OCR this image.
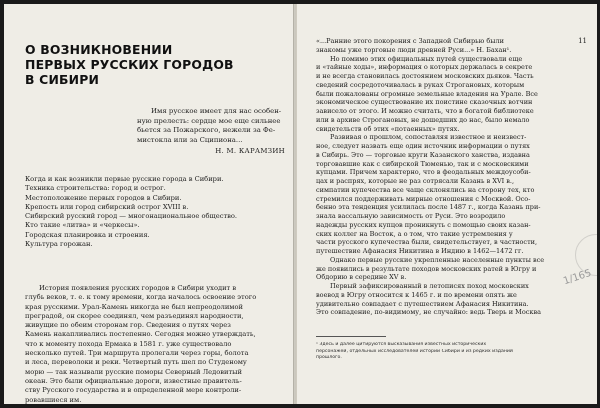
О ВОЗНИКНОВЕНИИ
ПЕРВЫХ РУССКИХ ГОРОДОВ
В СИБИРИ
Имя русское имеет для нас особен-
ную прелесть: сердце мое еще сильнее
бьется за Пожарского, нежели за Фе-
мистокла или за Сципиона...
Н. М. КАРАМЗИН
Когда и как возникли первые русские города в Сибири.
Техника строительства: город и острог.
Местоположение первых городов в Сибири.
Крепость или город сибирский острог XVIII в.
Сибирский русский город — многонациональное общество.
Кто такие «литва» и «черкесы».
Городская планировка и строения.
Культура горожан.
История появления русских городов в Сибири уходит в
глубь веков, т. е. к тому времени, когда началось освоение этого
края русскими. Урал-Камень никогда не был непреодолимой
преградой, он скорее соединял, чем разъединял народности,
живущие по обеим сторонам гор. Сведения о путях через
Камень накапливались постепенно. Сегодня можно утверждать,
что к моменту похода Ермака в 1581 г. уже существовало
несколько путей. Три маршрута пролегали через горы, болота
и леса, переволоки и реки. Четвертый путь шел по Студеному
морю — так называли русские поморы Северный Ледовитый
океан. Это были официальные дороги, известные правитель-
ству Русского государства и в определенной мере контроли-
ровавшиеся им.
11
«...Ранние этого покорения с Западной Сибирью были
знакомы уже торговые люди древней Руси...» Н. Бахан¹.
Но помимо этих официальных путей существовали еще
и «тайные ходы», информация о которых держалась в секрете
и не всегда становилась достоянием московских дьяков. Часть
сведений сосредоточивалась в руках Строгановых, которым
были пожалованы огромные земельные владения на Урале. Все
экономическое существование их поистине сказочных вотчин
зависело от этого. И можно считать, что в богатой библиотеке
или в архиве Строгановых, не дошедших до нас, было немало
свидетельств об этих «потаенных» путях.
Развивая о прошлом, сопоставляя известное и неизвест-
ное, следует назвать еще один источник информации о путях
в Сибирь. Это — торговые круги Казанского ханства, издавна
торговавшие как с сибирской Тюменью, так и с московскими
купцами. Причем характерно, что в феодальных междоусоби-
цах и распрях, которые не раз сотрясали Казань в XVI в.,
симпатии купечества все чаще склонялись на сторону тех, кто
стремился поддерживать мирные отношения с Москвой. Осо-
бенно эта тенденция усилилась после 1487 г., когда Казань при-
знала вассальную зависимость от Руси. Это возродило
надежды русских купцов проникнуть с помощью своих казан-
ских коллег на Восток, а о том, что такие устремления у
части русского купечества были, свидетельствует, в частности,
путешествие Афанасия Никитина в Индию в 1462—1472 гг.
Однако первые русские укрепленные населенные пункты все
же появились в результате походов московских ратей в Югру и
Обдорию в середине XV в.
Первый зафиксированный в летописях поход московских
воевод в Югру относится к 1465 г. и по времени опять же
удивительно совпадает с путешествием Афанасия Никитина.
Это совпадение, по-видимому, не случайно: ведь Тверь и Москва
1/165
¹ Здесь и далее цитируются высказывания известных исторических
персонажей, отдельных исследователей истории Сибири и из редких изданий
прошлого.
